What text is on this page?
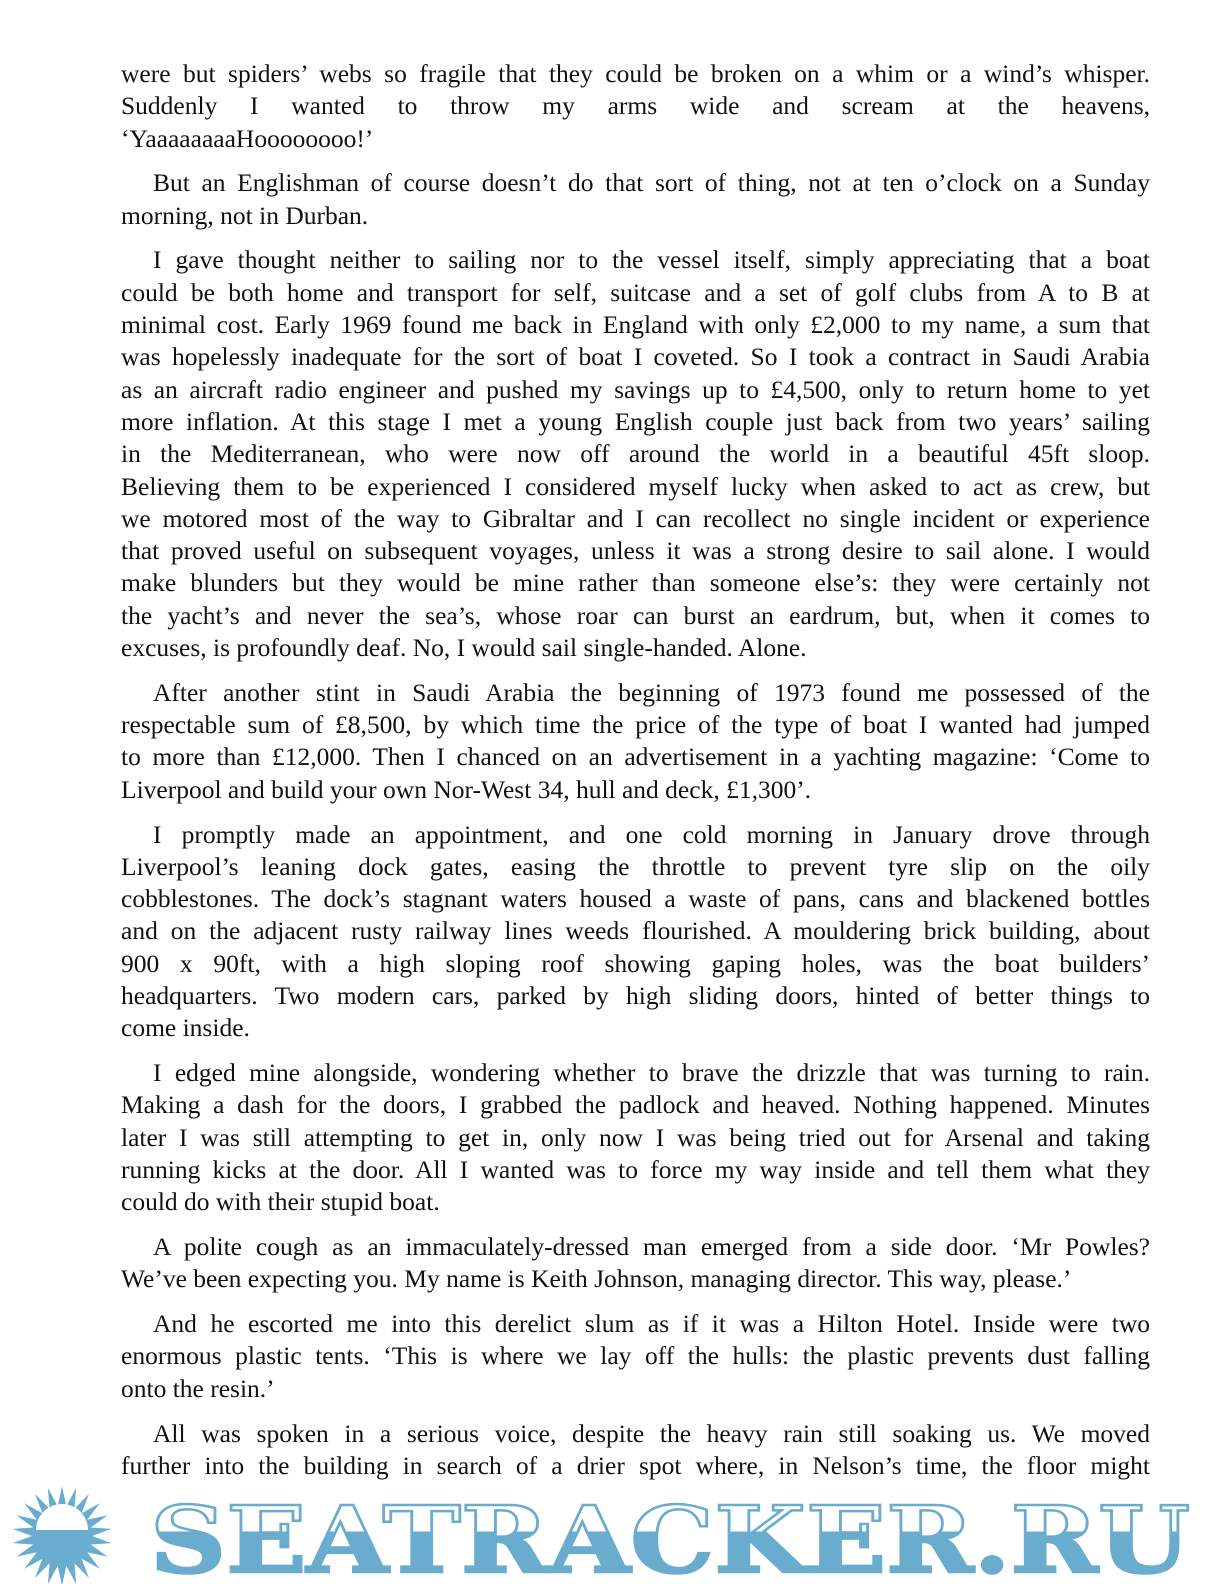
were but spiders’ webs so fragile that they could be broken on a whim or a wind’s whisper.
Suddenly I wanted to throw my arms wide and scream at the heavens,
‘YaaaaaaaaHoooooooo!’
But an Englishman of course doesn’t do that sort of thing, not at ten o’clock on a Sunday
morning, not in Durban.
I gave thought neither to sailing nor to the vessel itself, simply appreciating that a boat
could be both home and transport for self, suitcase and a set of golf clubs from A to B at
minimal cost. Early 1969 found me back in England with only £2,000 to my name, a sum that
was hopelessly inadequate for the sort of boat I coveted. So I took a contract in Saudi Arabia
as an aircraft radio engineer and pushed my savings up to £4,500, only to return home to yet
more inflation. At this stage I met a young English couple just back from two years’ sailing
in the Mediterranean, who were now off around the world in a beautiful 45ft sloop.
Believing them to be experienced I considered myself lucky when asked to act as crew, but
we motored most of the way to Gibraltar and I can recollect no single incident or experience
that proved useful on subsequent voyages, unless it was a strong desire to sail alone. I would
make blunders but they would be mine rather than someone else’s: they were certainly not
the yacht’s and never the sea’s, whose roar can burst an eardrum, but, when it comes to
excuses, is profoundly deaf. No, I would sail single-handed. Alone.
After another stint in Saudi Arabia the beginning of 1973 found me possessed of the
respectable sum of £8,500, by which time the price of the type of boat I wanted had jumped
to more than £12,000. Then I chanced on an advertisement in a yachting magazine: ‘Come to
Liverpool and build your own Nor-West 34, hull and deck, £1,300’.
I promptly made an appointment, and one cold morning in January drove through
Liverpool’s leaning dock gates, easing the throttle to prevent tyre slip on the oily
cobblestones. The dock’s stagnant waters housed a waste of pans, cans and blackened bottles
and on the adjacent rusty railway lines weeds flourished. A mouldering brick building, about
900 x 90ft, with a high sloping roof showing gaping holes, was the boat builders’
headquarters. Two modern cars, parked by high sliding doors, hinted of better things to
come inside.
I edged mine alongside, wondering whether to brave the drizzle that was turning to rain.
Making a dash for the doors, I grabbed the padlock and heaved. Nothing happened. Minutes
later I was still attempting to get in, only now I was being tried out for Arsenal and taking
running kicks at the door. All I wanted was to force my way inside and tell them what they
could do with their stupid boat.
A polite cough as an immaculately-dressed man emerged from a side door. ‘Mr Powles?
We’ve been expecting you. My name is Keith Johnson, managing director. This way, please.’
And he escorted me into this derelict slum as if it was a Hilton Hotel. Inside were two
enormous plastic tents. ‘This is where we lay off the hulls: the plastic prevents dust falling
onto the resin.’
All was spoken in a serious voice, despite the heavy rain still soaking us. We moved
further into the building in search of a drier spot where, in Nelson’s time, the floor might
SEATRACKER.RU
